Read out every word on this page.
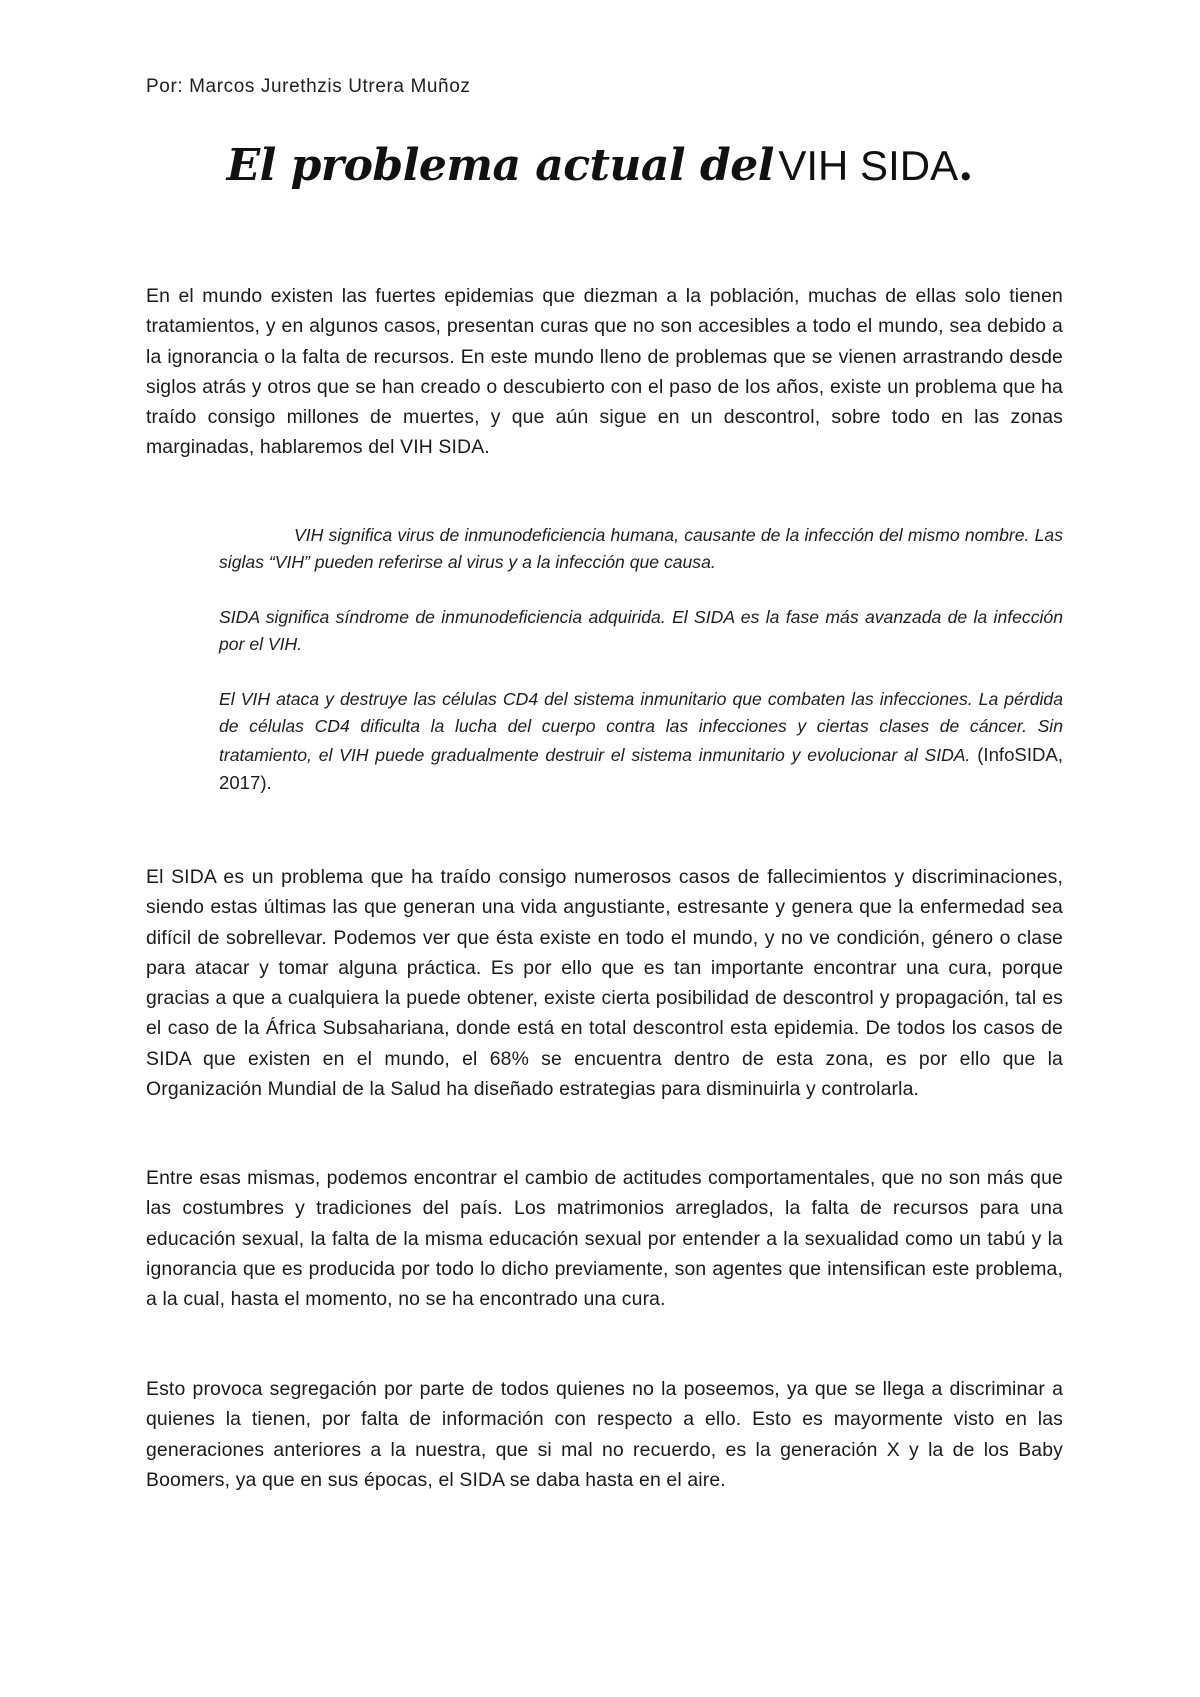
Por: Marcos Jurethzis Utrera Muñoz
El problema actual del VIH SIDA.

En el mundo existen las fuertes epidemias que diezman a la población, muchas de ellas solo tienen tratamientos, y en algunos casos, presentan curas que no son accesibles a todo el mundo, sea debido a la ignorancia o la falta de recursos. En este mundo lleno de problemas que se vienen arrastrando desde siglos atrás y otros que se han creado o descubierto con el paso de los años, existe un problema que ha traído consigo millones de muertes, y que aún sigue en un descontrol, sobre todo en las zonas marginadas, hablaremos del VIH SIDA.

VIH significa virus de inmunodeficiencia humana, causante de la infección del mismo nombre. Las siglas “VIH” pueden referirse al virus y a la infección que causa.

SIDA significa síndrome de inmunodeficiencia adquirida. El SIDA es la fase más avanzada de la infección por el VIH.

El VIH ataca y destruye las células CD4 del sistema inmunitario que combaten las infecciones. La pérdida de células CD4 dificulta la lucha del cuerpo contra las infecciones y ciertas clases de cáncer. Sin tratamiento, el VIH puede gradualmente destruir el sistema inmunitario y evolucionar al SIDA. (InfoSIDA, 2017).

El SIDA es un problema que ha traído consigo numerosos casos de fallecimientos y discriminaciones, siendo estas últimas las que generan una vida angustiante, estresante y genera que la enfermedad sea difícil de sobrellevar. Podemos ver que ésta existe en todo el mundo, y no ve condición, género o clase para atacar y tomar alguna práctica. Es por ello que es tan importante encontrar una cura, porque gracias a que a cualquiera la puede obtener, existe cierta posibilidad de descontrol y propagación, tal es el caso de la África Subsahariana, donde está en total descontrol esta epidemia. De todos los casos de SIDA que existen en el mundo, el 68% se encuentra dentro de esta zona, es por ello que la Organización Mundial de la Salud ha diseñado estrategias para disminuirla y controlarla.

Entre esas mismas, podemos encontrar el cambio de actitudes comportamentales, que no son más que las costumbres y tradiciones del país. Los matrimonios arreglados, la falta de recursos para una educación sexual, la falta de la misma educación sexual por entender a la sexualidad como un tabú y la ignorancia que es producida por todo lo dicho previamente, son agentes que intensifican este problema, a la cual, hasta el momento, no se ha encontrado una cura.

Esto provoca segregación por parte de todos quienes no la poseemos, ya que se llega a discriminar a quienes la tienen, por falta de información con respecto a ello. Esto es mayormente visto en las generaciones anteriores a la nuestra, que si mal no recuerdo, es la generación X y la de los Baby Boomers, ya que en sus épocas, el SIDA se daba hasta en el aire.
